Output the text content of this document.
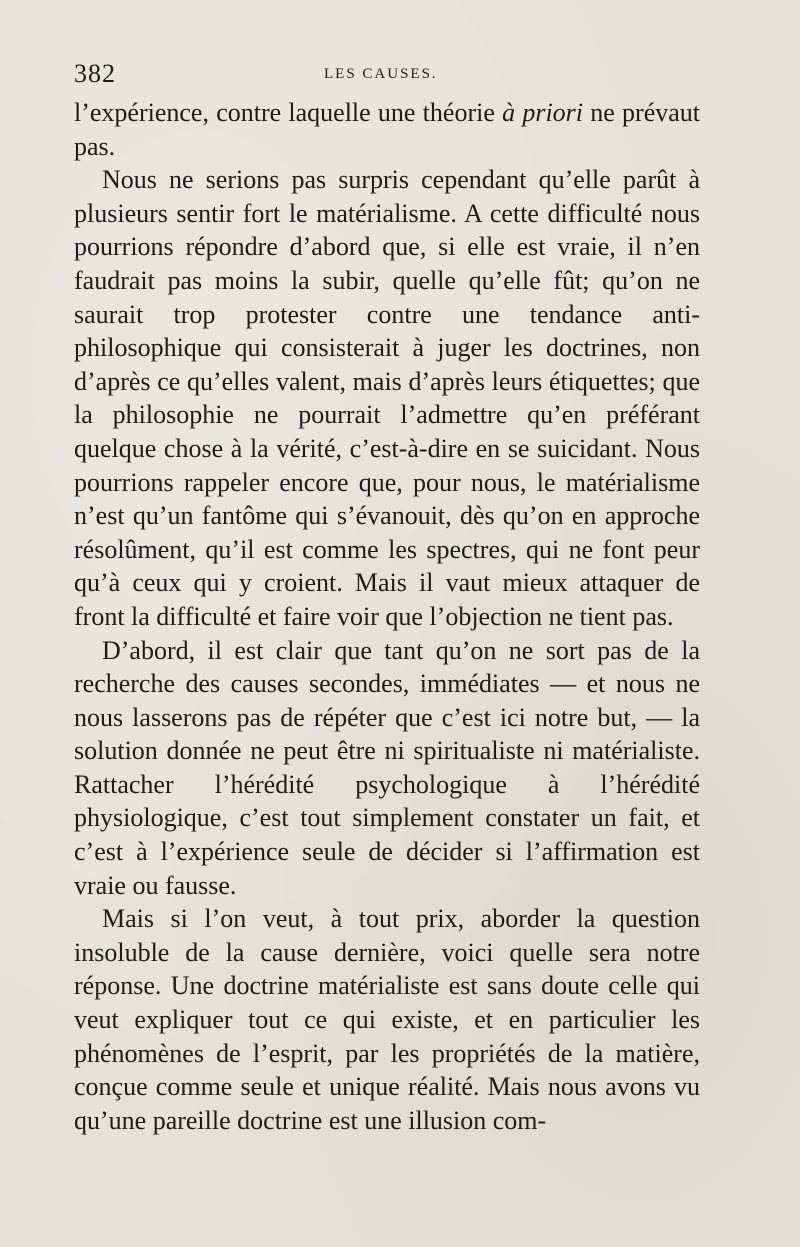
382	LES CAUSES.

l’expérience, contre laquelle une théorie à priori ne prévaut pas.

Nous ne serions pas surpris cependant qu’elle parût à plusieurs sentir fort le matérialisme. A cette difficulté nous pourrions répondre d’abord que, si elle est vraie, il n’en faudrait pas moins la subir, quelle qu’elle fût; qu’on ne saurait trop protester contre une tendance anti-philosophique qui consisterait à juger les doctrines, non d’après ce qu’elles valent, mais d’après leurs étiquettes; que la philosophie ne pourrait l’admettre qu’en préférant quelque chose à la vérité, c’est-à-dire en se suicidant. Nous pourrions rappeler encore que, pour nous, le matérialisme n’est qu’un fantôme qui s’évanouit, dès qu’on en approche résolûment, qu’il est comme les spectres, qui ne font peur qu’à ceux qui y croient. Mais il vaut mieux attaquer de front la difficulté et faire voir que l’objection ne tient pas.

D’abord, il est clair que tant qu’on ne sort pas de la recherche des causes secondes, immédiates — et nous ne nous lasserons pas de répéter que c’est ici notre but, — la solution donnée ne peut être ni spiritualiste ni matérialiste. Rattacher l’hérédité psychologique à l’hérédité physiologique, c’est tout simplement constater un fait, et c’est à l’expérience seule de décider si l’affirmation est vraie ou fausse.

Mais si l’on veut, à tout prix, aborder la question insoluble de la cause dernière, voici quelle sera notre réponse. Une doctrine matérialiste est sans doute celle qui veut expliquer tout ce qui existe, et en particulier les phénomènes de l’esprit, par les propriétés de la matière, conçue comme seule et unique réalité. Mais nous avons vu qu’une pareille doctrine est une illusion com-
